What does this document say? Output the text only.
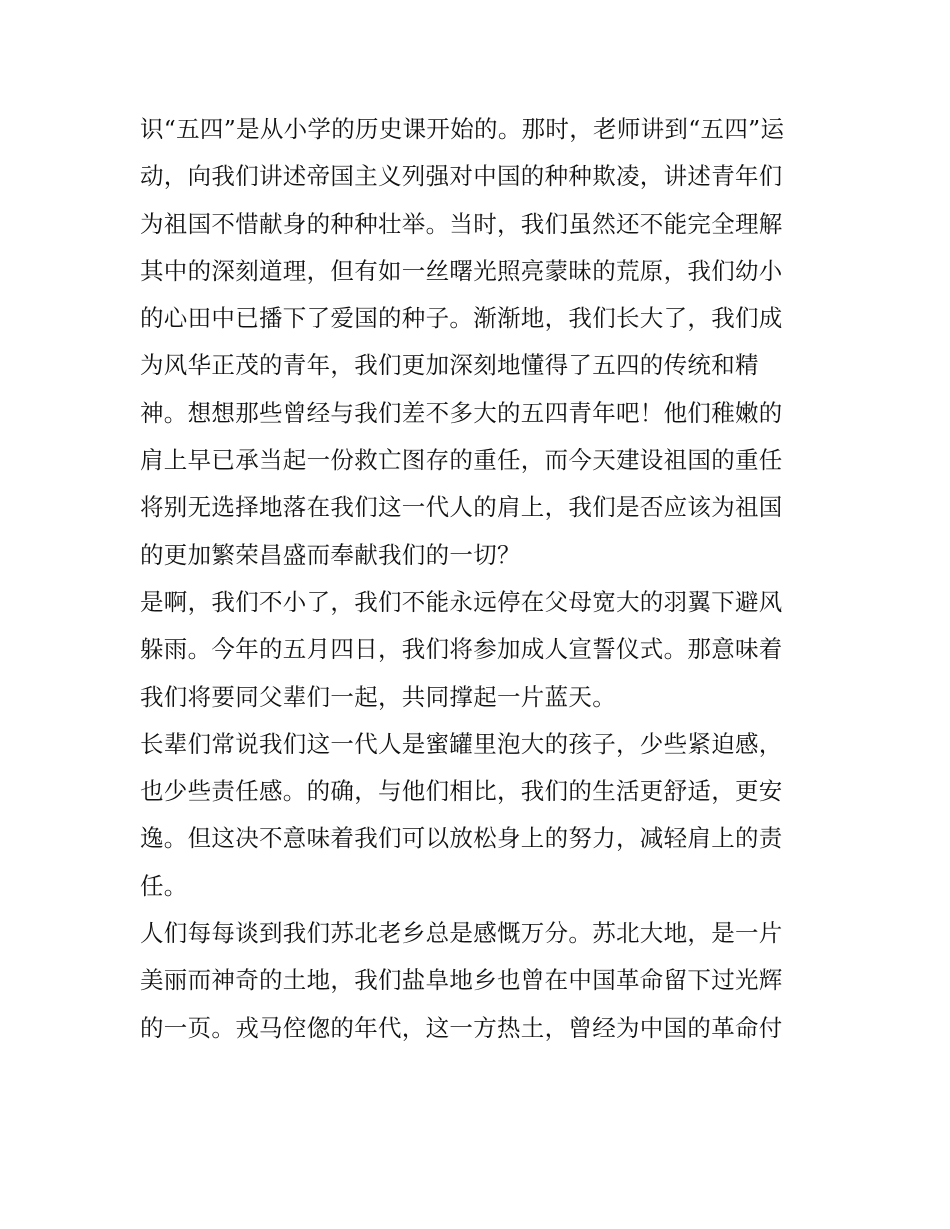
识“五四”是从小学的历史课开始的。那时，老师讲到“五四”运
动，向我们讲述帝国主义列强对中国的种种欺凌，讲述青年们
为祖国不惜献身的种种壮举。当时，我们虽然还不能完全理解
其中的深刻道理，但有如一丝曙光照亮蒙昧的荒原，我们幼小
的心田中已播下了爱国的种子。渐渐地，我们长大了，我们成
为风华正茂的青年，我们更加深刻地懂得了五四的传统和精
神。想想那些曾经与我们差不多大的五四青年吧！他们稚嫩的
肩上早已承当起一份救亡图存的重任，而今天建设祖国的重任
将别无选择地落在我们这一代人的肩上，我们是否应该为祖国
的更加繁荣昌盛而奉献我们的一切？
是啊，我们不小了，我们不能永远停在父母宽大的羽翼下避风
躲雨。今年的五月四日，我们将参加成人宣誓仪式。那意味着
我们将要同父辈们一起，共同撑起一片蓝天。
长辈们常说我们这一代人是蜜罐里泡大的孩子，少些紧迫感，
也少些责任感。的确，与他们相比，我们的生活更舒适，更安
逸。但这决不意味着我们可以放松身上的努力，减轻肩上的责
任。
人们每每谈到我们苏北老乡总是感慨万分。苏北大地，是一片
美丽而神奇的土地，我们盐阜地乡也曾在中国革命留下过光辉
的一页。戎马倥偬的年代，这一方热土，曾经为中国的革命付
